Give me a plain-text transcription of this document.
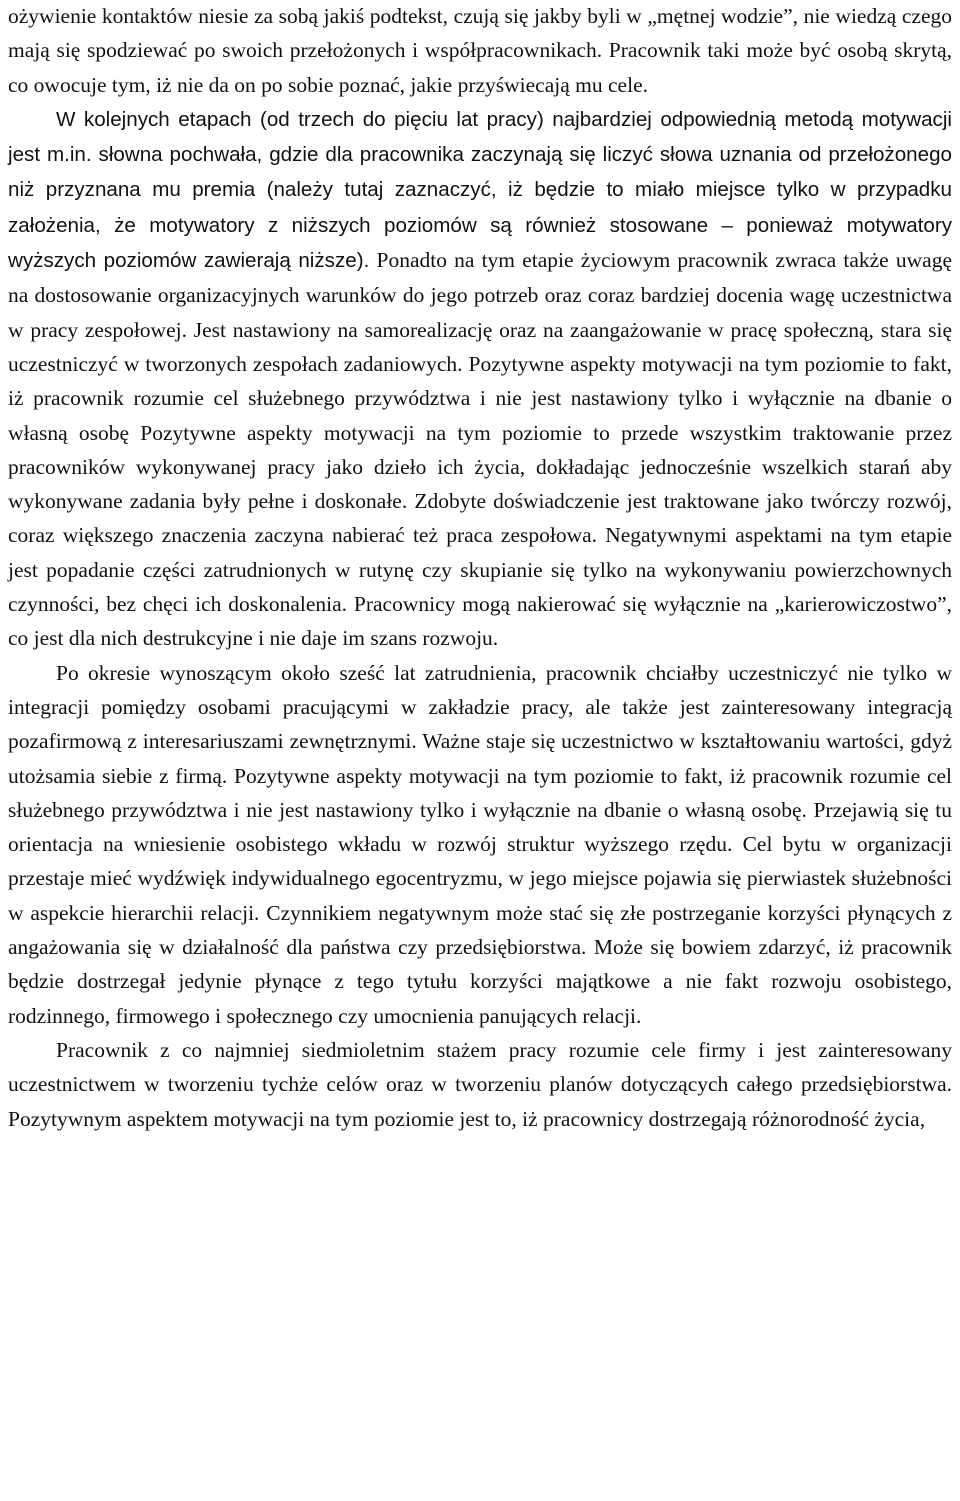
ożywienie kontaktów niesie za sobą jakiś podtekst, czują się jakby byli w „mętnej wodzie”, nie wiedzą czego mają się spodziewać po swoich przełożonych i współpracownikach. Pracownik taki może być osobą skrytą, co owocuje tym, iż nie da on po sobie poznać, jakie przyświecają mu cele.

W kolejnych etapach (od trzech do pięciu lat pracy) najbardziej odpowiednią metodą motywacji jest m.in. słowna pochwała, gdzie dla pracownika zaczynają się liczyć słowa uznania od przełożonego niż przyznana mu premia (należy tutaj zaznaczyć, iż będzie to miało miejsce tylko w przypadku założenia, że motywatory z niższych poziomów są również stosowane – ponieważ motywatory wyższych poziomów zawierają niższe). Ponadto na tym etapie życiowym pracownik zwraca także uwagę na dostosowanie organizacyjnych warunków do jego potrzeb oraz coraz bardziej docenia wagę uczestnictwa w pracy zespołowej. Jest nastawiony na samorealizację oraz na zaangażowanie w pracę społeczną, stara się uczestniczyć w tworzonych zespołach zadaniowych. Pozytywne aspekty motywacji na tym poziomie to fakt, iż pracownik rozumie cel służebnego przywództwa i nie jest nastawiony tylko i wyłącznie na dbanie o własną osobę Pozytywne aspekty motywacji na tym poziomie to przede wszystkim traktowanie przez pracowników wykonywanej pracy jako dzieło ich życia, dokładając jednocześnie wszelkich starań aby wykonywane zadania były pełne i doskonałe. Zdobyte doświadczenie jest traktowane jako twórczy rozwój, coraz większego znaczenia zaczyna nabierać też praca zespołowa. Negatywnymi aspektami na tym etapie jest popadanie części zatrudnionych w rutynę czy skupianie się tylko na wykonywaniu powierzchownych czynności, bez chęci ich doskonalenia. Pracownicy mogą nakierować się wyłącznie na „karierowiczostwo”, co jest dla nich destrukcyjne i nie daje im szans rozwoju.

Po okresie wynoszącym około sześć lat zatrudnienia, pracownik chciałby uczestniczyć nie tylko w integracji pomiędzy osobami pracującymi w zakładzie pracy, ale także jest zainteresowany integracją pozafirmową z interesariuszami zewnętrznymi. Ważne staje się uczestnictwo w kształtowaniu wartości, gdyż utożsamia siebie z firmą. Pozytywne aspekty motywacji na tym poziomie to fakt, iż pracownik rozumie cel służebnego przywództwa i nie jest nastawiony tylko i wyłącznie na dbanie o własną osobę. Przejawią się tu orientacja na wniesienie osobistego wkładu w rozwój struktur wyższego rzędu. Cel bytu w organizacji przestaje mieć wydźwięk indywidualnego egocentryzmu, w jego miejsce pojawia się pierwiastek służebności w aspekcie hierarchii relacji. Czynnikiem negatywnym może stać się złe postrzeganie korzyści płynących z angażowania się w działalność dla państwa czy przedsiębiorstwa. Może się bowiem zdarzyć, iż pracownik będzie dostrzegał jedynie płynące z tego tytułu korzyści majątkowe a nie fakt rozwoju osobistego, rodzinnego, firmowego i społecznego czy umocnienia panujących relacji.

Pracownik z co najmniej siedmioletnim stażem pracy rozumie cele firmy i jest zainteresowany uczestnictwem w tworzeniu tychże celów oraz w tworzeniu planów dotyczących całego przedsiębiorstwa. Pozytywnym aspektem motywacji na tym poziomie jest to, iż pracownicy dostrzegają różnorodność życia,
